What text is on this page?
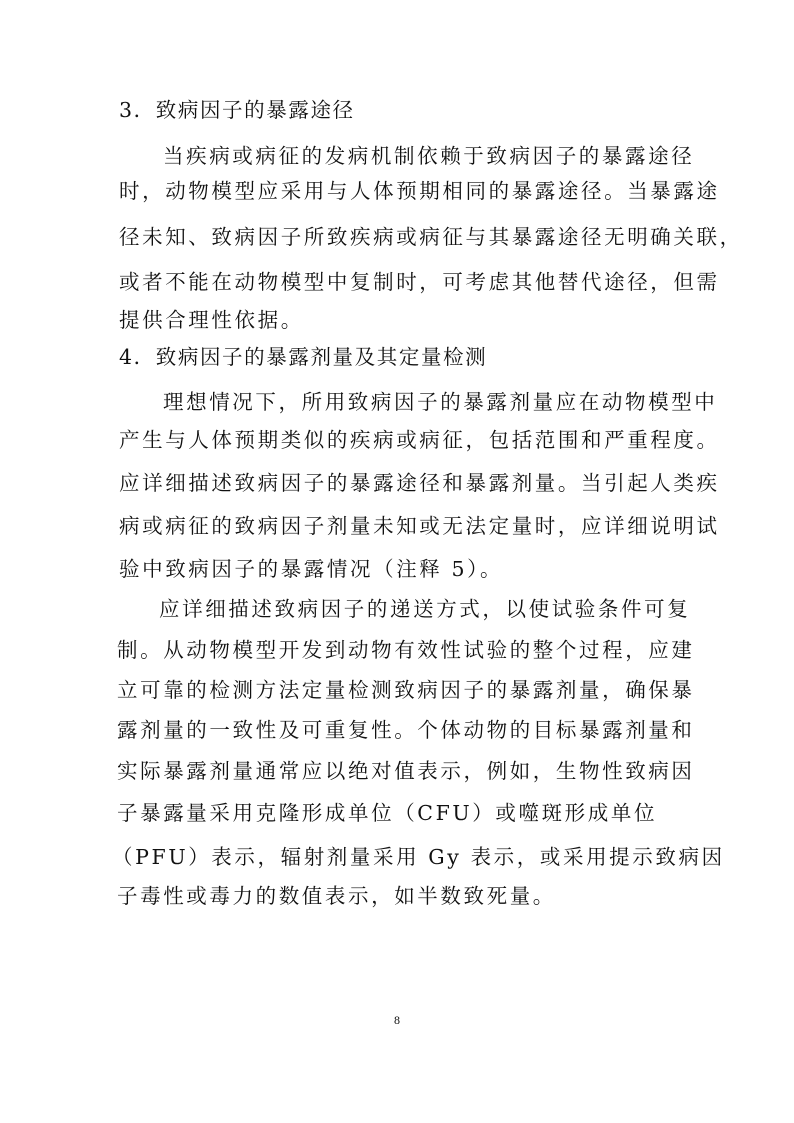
3．致病因子的暴露途径
当疾病或病征的发病机制依赖于致病因子的暴露途径
时，动物模型应采用与人体预期相同的暴露途径。当暴露途
径未知、致病因子所致疾病或病征与其暴露途径无明确关联，
或者不能在动物模型中复制时，可考虑其他替代途径，但需
提供合理性依据。
4．致病因子的暴露剂量及其定量检测
理想情况下，所用致病因子的暴露剂量应在动物模型中
产生与人体预期类似的疾病或病征，包括范围和严重程度。
应详细描述致病因子的暴露途径和暴露剂量。当引起人类疾
病或病征的致病因子剂量未知或无法定量时，应详细说明试
验中致病因子的暴露情况（注释 5）。
应详细描述致病因子的递送方式，以使试验条件可复
制。从动物模型开发到动物有效性试验的整个过程，应建
立可靠的检测方法定量检测致病因子的暴露剂量，确保暴
露剂量的一致性及可重复性。个体动物的目标暴露剂量和
实际暴露剂量通常应以绝对值表示，例如，生物性致病因
子暴露量采用克隆形成单位（CFU）或噬斑形成单位
（PFU）表示，辐射剂量采用 Gy 表示，或采用提示致病因
子毒性或毒力的数值表示，如半数致死量。
8
